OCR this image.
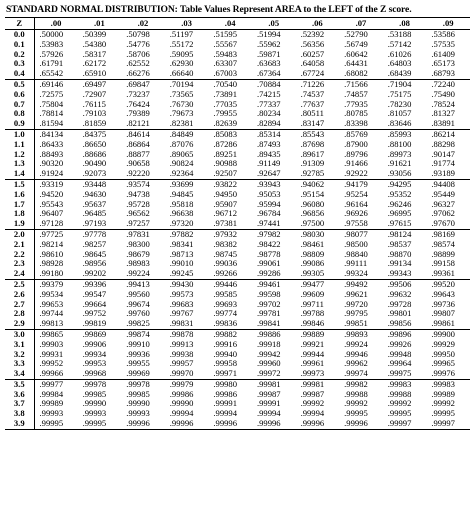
STANDARD NORMAL DISTRIBUTION: Table Values Represent AREA to the LEFT of the Z score.
Z	.00	.01	.02	.03	.04	.05	.06	.07	.08	.09
0.0	.50000	.50399	.50798	.51197	.51595	.51994	.52392	.52790	.53188	.53586
0.1	.53983	.54380	.54776	.55172	.55567	.55962	.56356	.56749	.57142	.57535
0.2	.57926	.58317	.58706	.59095	.59483	.59871	.60257	.60642	.61026	.61409
0.3	.61791	.62172	.62552	.62930	.63307	.63683	.64058	.64431	.64803	.65173
0.4	.65542	.65910	.66276	.66640	.67003	.67364	.67724	.68082	.68439	.68793
0.5	.69146	.69497	.69847	.70194	.70540	.70884	.71226	.71566	.71904	.72240
0.6	.72575	.72907	.73237	.73565	.73891	.74215	.74537	.74857	.75175	.75490
0.7	.75804	.76115	.76424	.76730	.77035	.77337	.77637	.77935	.78230	.78524
0.8	.78814	.79103	.79389	.79673	.79955	.80234	.80511	.80785	.81057	.81327
0.9	.81594	.81859	.82121	.82381	.82639	.82894	.83147	.83398	.83646	.83891
1.0	.84134	.84375	.84614	.84849	.85083	.85314	.85543	.85769	.85993	.86214
1.1	.86433	.86650	.86864	.87076	.87286	.87493	.87698	.87900	.88100	.88298
1.2	.88493	.88686	.88877	.89065	.89251	.89435	.89617	.89796	.89973	.90147
1.3	.90320	.90490	.90658	.90824	.90988	.91149	.91309	.91466	.91621	.91774
1.4	.91924	.92073	.92220	.92364	.92507	.92647	.92785	.92922	.93056	.93189
1.5	.93319	.93448	.93574	.93699	.93822	.93943	.94062	.94179	.94295	.94408
1.6	.94520	.94630	.94738	.94845	.94950	.95053	.95154	.95254	.95352	.95449
1.7	.95543	.95637	.95728	.95818	.95907	.95994	.96080	.96164	.96246	.96327
1.8	.96407	.96485	.96562	.96638	.96712	.96784	.96856	.96926	.96995	.97062
1.9	.97128	.97193	.97257	.97320	.97381	.97441	.97500	.97558	.97615	.97670
2.0	.97725	.97778	.97831	.97882	.97932	.97982	.98030	.98077	.98124	.98169
2.1	.98214	.98257	.98300	.98341	.98382	.98422	.98461	.98500	.98537	.98574
2.2	.98610	.98645	.98679	.98713	.98745	.98778	.98809	.98840	.98870	.98899
2.3	.98928	.98956	.98983	.99010	.99036	.99061	.99086	.99111	.99134	.99158
2.4	.99180	.99202	.99224	.99245	.99266	.99286	.99305	.99324	.99343	.99361
2.5	.99379	.99396	.99413	.99430	.99446	.99461	.99477	.99492	.99506	.99520
2.6	.99534	.99547	.99560	.99573	.99585	.99598	.99609	.99621	.99632	.99643
2.7	.99653	.99664	.99674	.99683	.99693	.99702	.99711	.99720	.99728	.99736
2.8	.99744	.99752	.99760	.99767	.99774	.99781	.99788	.99795	.99801	.99807
2.9	.99813	.99819	.99825	.99831	.99836	.99841	.99846	.99851	.99856	.99861
3.0	.99865	.99869	.99874	.99878	.99882	.99886	.99889	.99893	.99896	.99900
3.1	.99903	.99906	.99910	.99913	.99916	.99918	.99921	.99924	.99926	.99929
3.2	.99931	.99934	.99936	.99938	.99940	.99942	.99944	.99946	.99948	.99950
3.3	.99952	.99953	.99955	.99957	.99958	.99960	.99961	.99962	.99964	.99965
3.4	.99966	.99968	.99969	.99970	.99971	.99972	.99973	.99974	.99975	.99976
3.5	.99977	.99978	.99978	.99979	.99980	.99981	.99981	.99982	.99983	.99983
3.6	.99984	.99985	.99985	.99986	.99986	.99987	.99987	.99988	.99988	.99989
3.7	.99989	.99990	.99990	.99990	.99991	.99991	.99992	.99992	.99992	.99992
3.8	.99993	.99993	.99993	.99994	.99994	.99994	.99994	.99995	.99995	.99995
3.9	.99995	.99995	.99996	.99996	.99996	.99996	.99996	.99996	.99997	.99997
